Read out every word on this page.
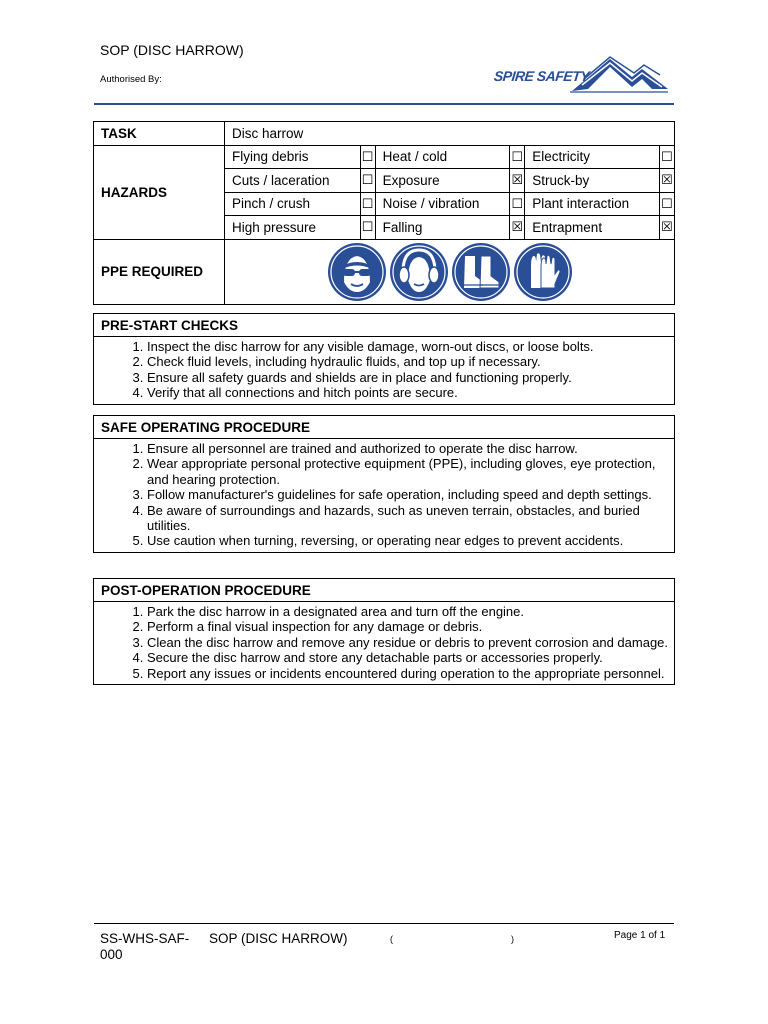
SOP (DISC HARROW)
Authorised By:	SPIRE SAFETY
TASK	Disc harrow					
HAZARDS	Flying debris	☐	Heat / cold	☐	Electricity	☐
	Cuts / laceration	☐	Exposure	☒	Struck-by	☒
	Pinch / crush	☐	Noise / vibration	☐	Plant interaction	☐
	High pressure	☐	Falling	☒	Entrapment	☒
PPE REQUIRED	
PRE-START CHECKS
1. Inspect the disc harrow for any visible damage, worn-out discs, or loose bolts.
2. Check fluid levels, including hydraulic fluids, and top up if necessary.
3. Ensure all safety guards and shields are in place and functioning properly.
4. Verify that all connections and hitch points are secure.
SAFE OPERATING PROCEDURE
1. Ensure all personnel are trained and authorized to operate the disc harrow.
2. Wear appropriate personal protective equipment (PPE), including gloves, eye protection, and hearing protection.
3. Follow manufacturer's guidelines for safe operation, including speed and depth settings.
4. Be aware of surroundings and hazards, such as uneven terrain, obstacles, and buried utilities.
5. Use caution when turning, reversing, or operating near edges to prevent accidents.
POST-OPERATION PROCEDURE
1. Park the disc harrow in a designated area and turn off the engine.
2. Perform a final visual inspection for any damage or debris.
3. Clean the disc harrow and remove any residue or debris to prevent corrosion and damage.
4. Secure the disc harrow and store any detachable parts or accessories properly.
5. Report any issues or incidents encountered during operation to the appropriate personnel.
SS-WHS-SAF-
000
SOP (DISC HARROW)	(	)	Page 1 of 1
